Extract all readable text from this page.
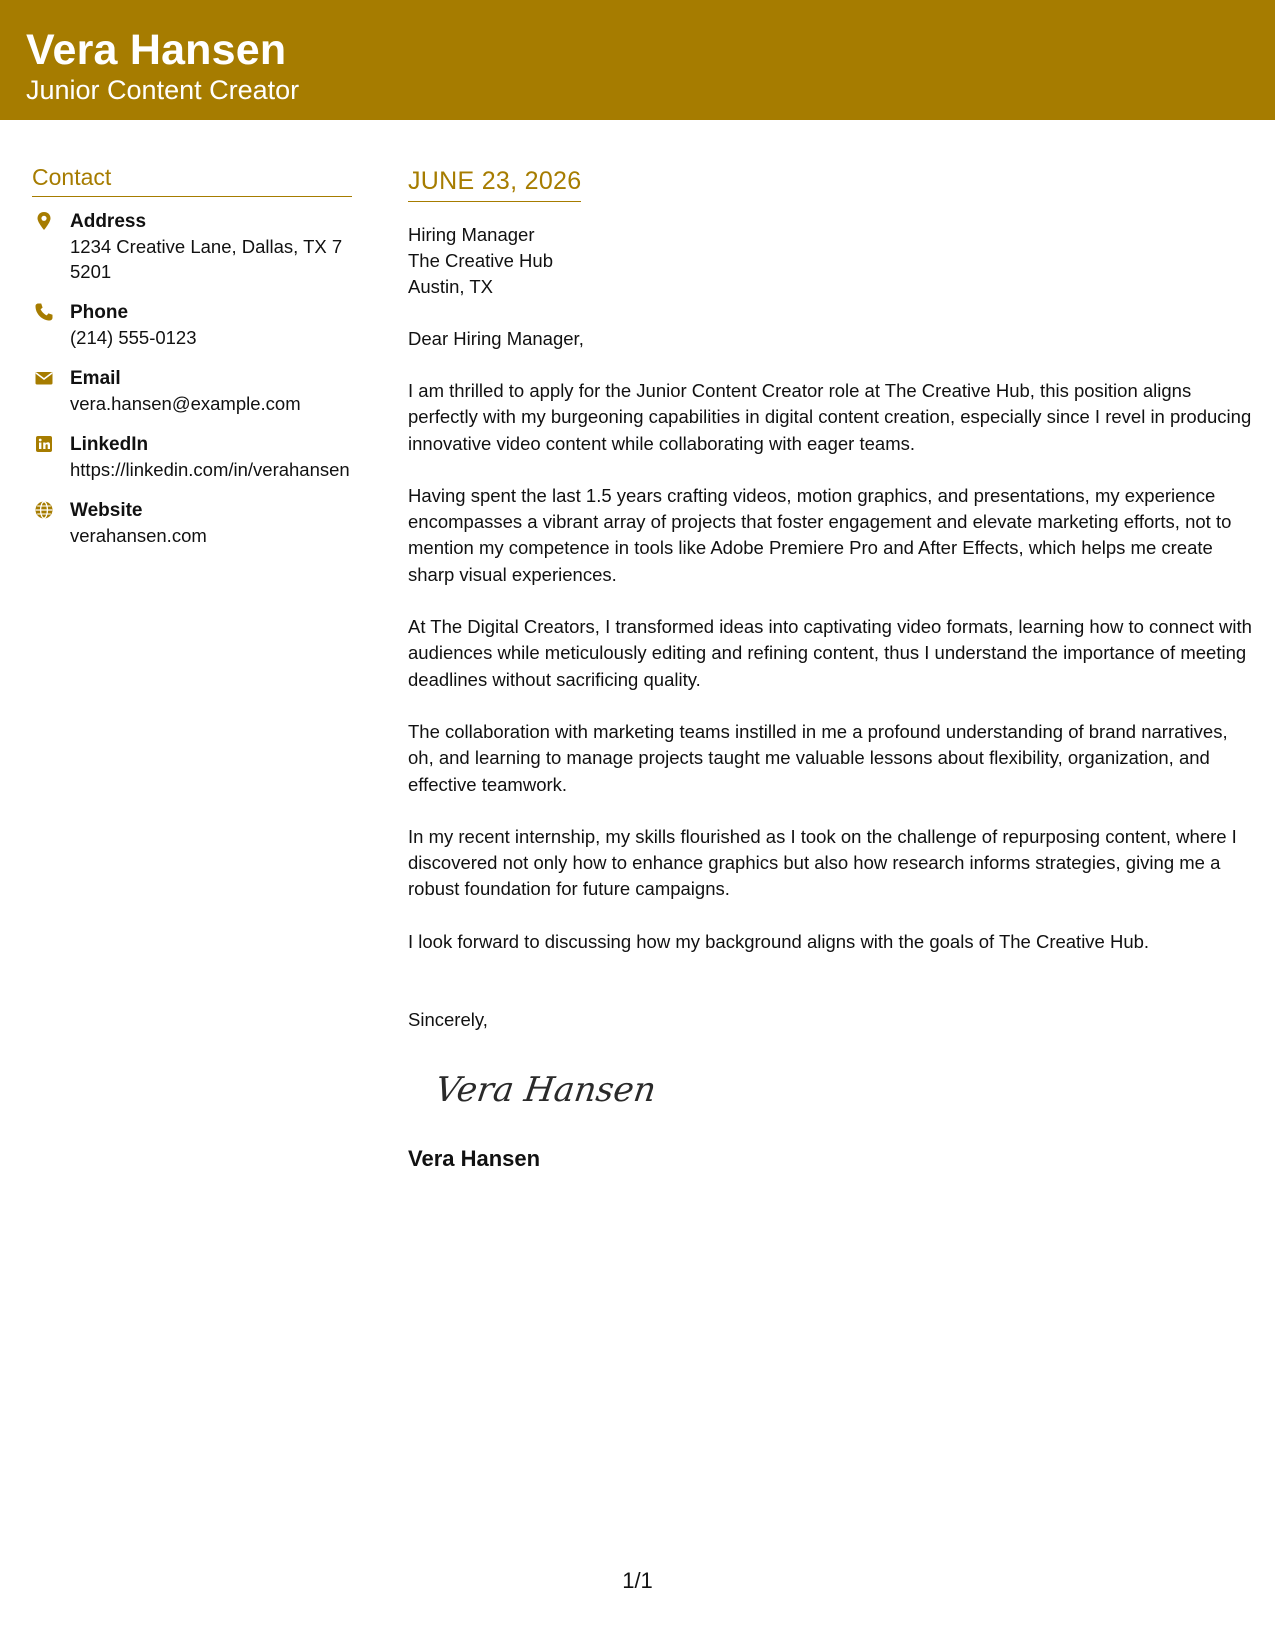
Vera Hansen
Junior Content Creator
Contact
Address
1234 Creative Lane, Dallas, TX 75201
Phone
(214) 555-0123
Email
vera.hansen@example.com
LinkedIn
https://linkedin.com/in/verahansen
Website
verahansen.com
JUNE 23, 2026
Hiring Manager
The Creative Hub
Austin, TX
Dear Hiring Manager,
I am thrilled to apply for the Junior Content Creator role at The Creative Hub, this position aligns perfectly with my burgeoning capabilities in digital content creation, especially since I revel in producing innovative video content while collaborating with eager teams.
Having spent the last 1.5 years crafting videos, motion graphics, and presentations, my experience encompasses a vibrant array of projects that foster engagement and elevate marketing efforts, not to mention my competence in tools like Adobe Premiere Pro and After Effects, which helps me create sharp visual experiences.
At The Digital Creators, I transformed ideas into captivating video formats, learning how to connect with audiences while meticulously editing and refining content, thus I understand the importance of meeting deadlines without sacrificing quality.
The collaboration with marketing teams instilled in me a profound understanding of brand narratives, oh, and learning to manage projects taught me valuable lessons about flexibility, organization, and effective teamwork.
In my recent internship, my skills flourished as I took on the challenge of repurposing content, where I discovered not only how to enhance graphics but also how research informs strategies, giving me a robust foundation for future campaigns.
I look forward to discussing how my background aligns with the goals of The Creative Hub.
Sincerely,
Vera Hansen
Vera Hansen
1/1
